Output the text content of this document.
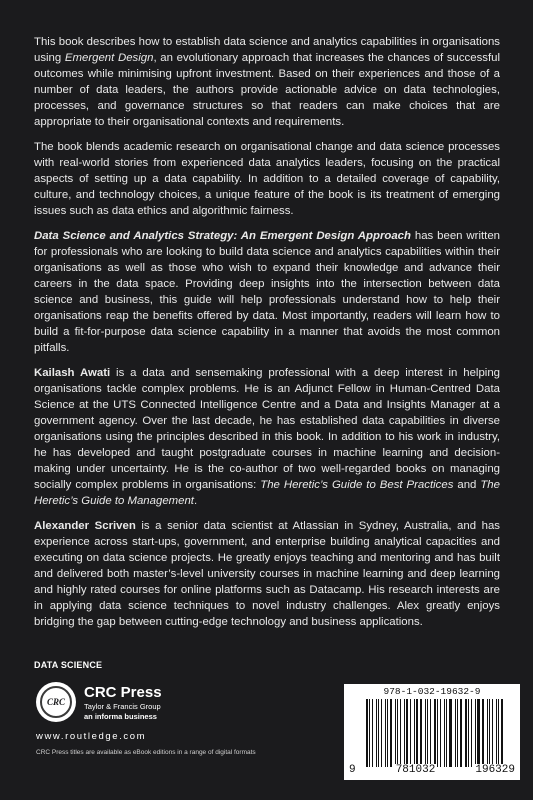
This book describes how to establish data science and analytics capabilities in organisations using Emergent Design, an evolutionary approach that increases the chances of successful outcomes while minimising upfront investment. Based on their experiences and those of a number of data leaders, the authors provide actionable advice on data technologies, processes, and governance structures so that readers can make choices that are appropriate to their organisational contexts and requirements.

The book blends academic research on organisational change and data science processes with real-world stories from experienced data analytics leaders, focusing on the practical aspects of setting up a data capability. In addition to a detailed coverage of capability, culture, and technology choices, a unique feature of the book is its treatment of emerging issues such as data ethics and algorithmic fairness.

Data Science and Analytics Strategy: An Emergent Design Approach has been written for professionals who are looking to build data science and analytics capabilities within their organisations as well as those who wish to expand their knowledge and advance their careers in the data space. Providing deep insights into the intersection between data science and business, this guide will help professionals understand how to help their organisations reap the benefits offered by data. Most importantly, readers will learn how to build a fit-for-purpose data science capability in a manner that avoids the most common pitfalls.

Kailash Awati is a data and sensemaking professional with a deep interest in helping organisations tackle complex problems. He is an Adjunct Fellow in Human-Centred Data Science at the UTS Connected Intelligence Centre and a Data and Insights Manager at a government agency. Over the last decade, he has established data capabilities in diverse organisations using the principles described in this book. In addition to his work in industry, he has developed and taught postgraduate courses in machine learning and decision-making under uncertainty. He is the co-author of two well-regarded books on managing socially complex problems in organisations: The Heretic’s Guide to Best Practices and The Heretic’s Guide to Management.

Alexander Scriven is a senior data scientist at Atlassian in Sydney, Australia, and has experience across start-ups, government, and enterprise building analytical capacities and executing on data science projects. He greatly enjoys teaching and mentoring and has built and delivered both master’s-level university courses in machine learning and deep learning and highly rated courses for online platforms such as Datacamp. His research interests are in applying data science techniques to novel industry challenges. Alex greatly enjoys bridging the gap between cutting-edge technology and business applications.

DATA SCIENCE
CRC
CRC Press
Taylor & Francis Group
an informa business
www.routledge.com
CRC Press titles are available as eBook editions in a range of digital formats
978-1-032-19632-9
9	781032	196329
